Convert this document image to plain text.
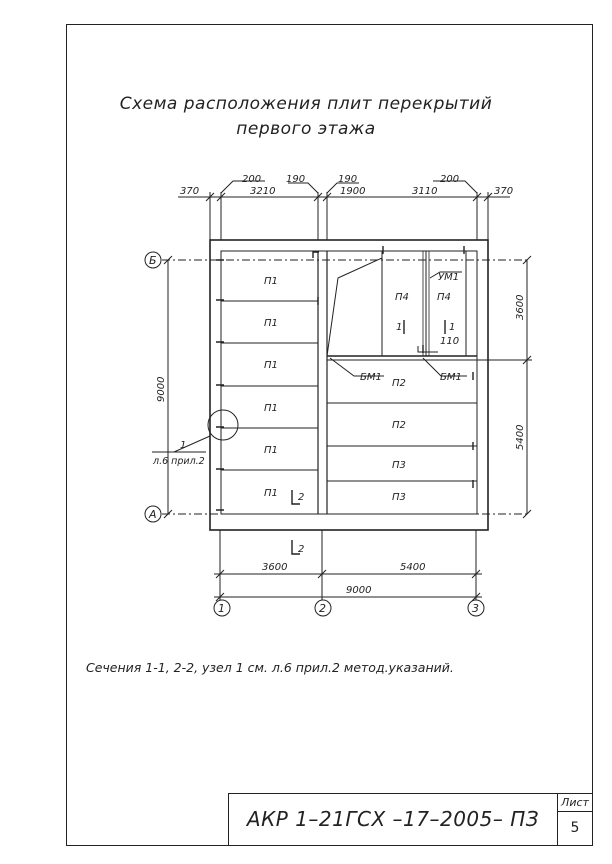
Схема расположения плит перекрытий
первого этажа
200 190	190	200
370	3210	1900	3110	370
Б
А
1	2	3
9000
3600
5400
3600	5400
9000
П1
П1
П1
П1
П1
П1
П4	П4
П2
П2
П3
П3
УМ1
БМ1	БМ1
1	1
110
2
2
1
л.6 прил.2
Сечения 1-1, 2-2, узел 1 см. л.6 прил.2 метод.указаний.
АКР 1–21ГСХ –17–2005– ПЗ
Лист
5
